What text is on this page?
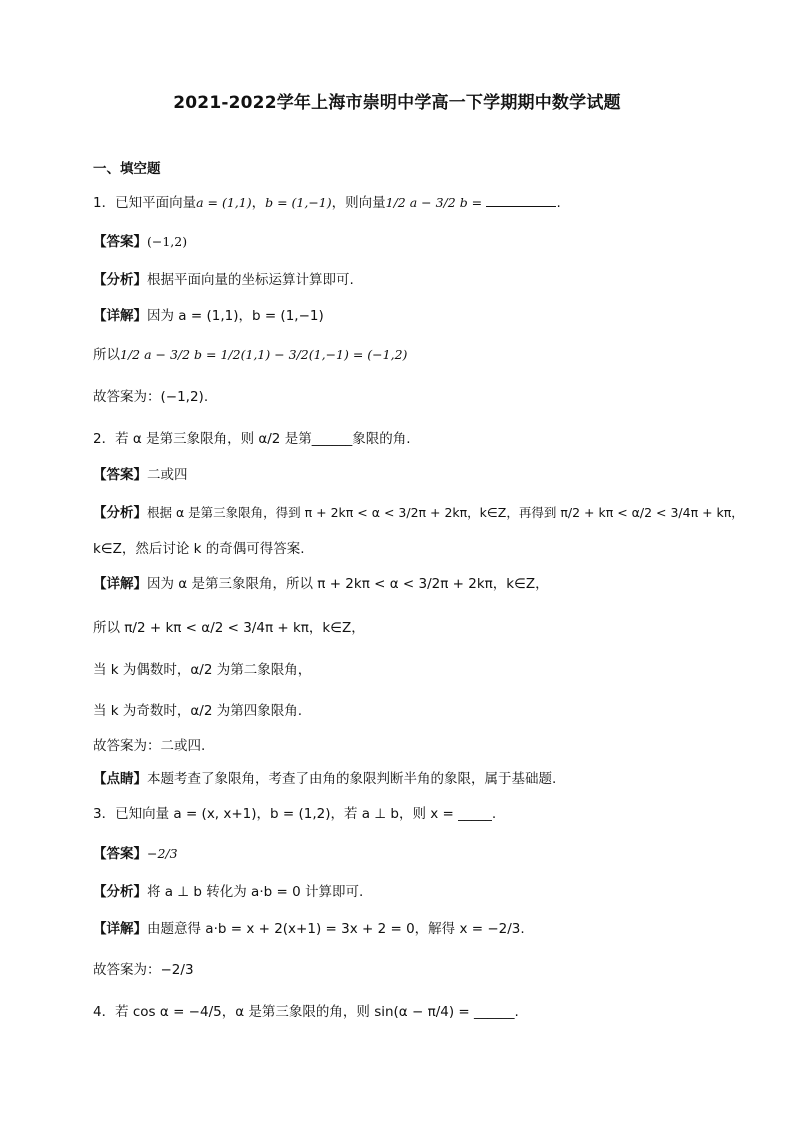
2021-2022学年上海市崇明中学高一下学期期中数学试题
一、填空题
1．已知平面向量a = (1,1)，b = (1,−1)，则向量1/2 a − 3/2 b =	.
【答案】(−1,2)
【分析】根据平面向量的坐标运算计算即可.
【详解】因为 a = (1,1)，b = (1,−1)
所以1/2 a − 3/2 b = 1/2(1,1) − 3/2(1,−1) = (−1,2)
故答案为：(−1,2).
2．若 α 是第三象限角，则 α/2 是第______象限的角.
【答案】二或四
【分析】根据 α 是第三象限角，得到 π + 2kπ < α < 3/2π + 2kπ，k∈Z，再得到 π/2 + kπ < α/2 < 3/4π + kπ，
k∈Z，然后讨论 k 的奇偶可得答案.
【详解】因为 α 是第三象限角，所以 π + 2kπ < α < 3/2π + 2kπ，k∈Z，
所以 π/2 + kπ < α/2 < 3/4π + kπ，k∈Z，
当 k 为偶数时，α/2 为第二象限角，
当 k 为奇数时，α/2 为第四象限角.
故答案为：二或四.
【点睛】本题考查了象限角，考查了由角的象限判断半角的象限，属于基础题.
3．已知向量 a = (x, x+1)，b = (1,2)，若 a ⊥ b，则 x = _____.
【答案】−2/3
【分析】将 a ⊥ b 转化为 a·b = 0 计算即可.
【详解】由题意得 a·b = x + 2(x+1) = 3x + 2 = 0，解得 x = −2/3.
故答案为：−2/3
4．若 cos α = −4/5，α 是第三象限的角，则 sin(α − π/4) = ______.
